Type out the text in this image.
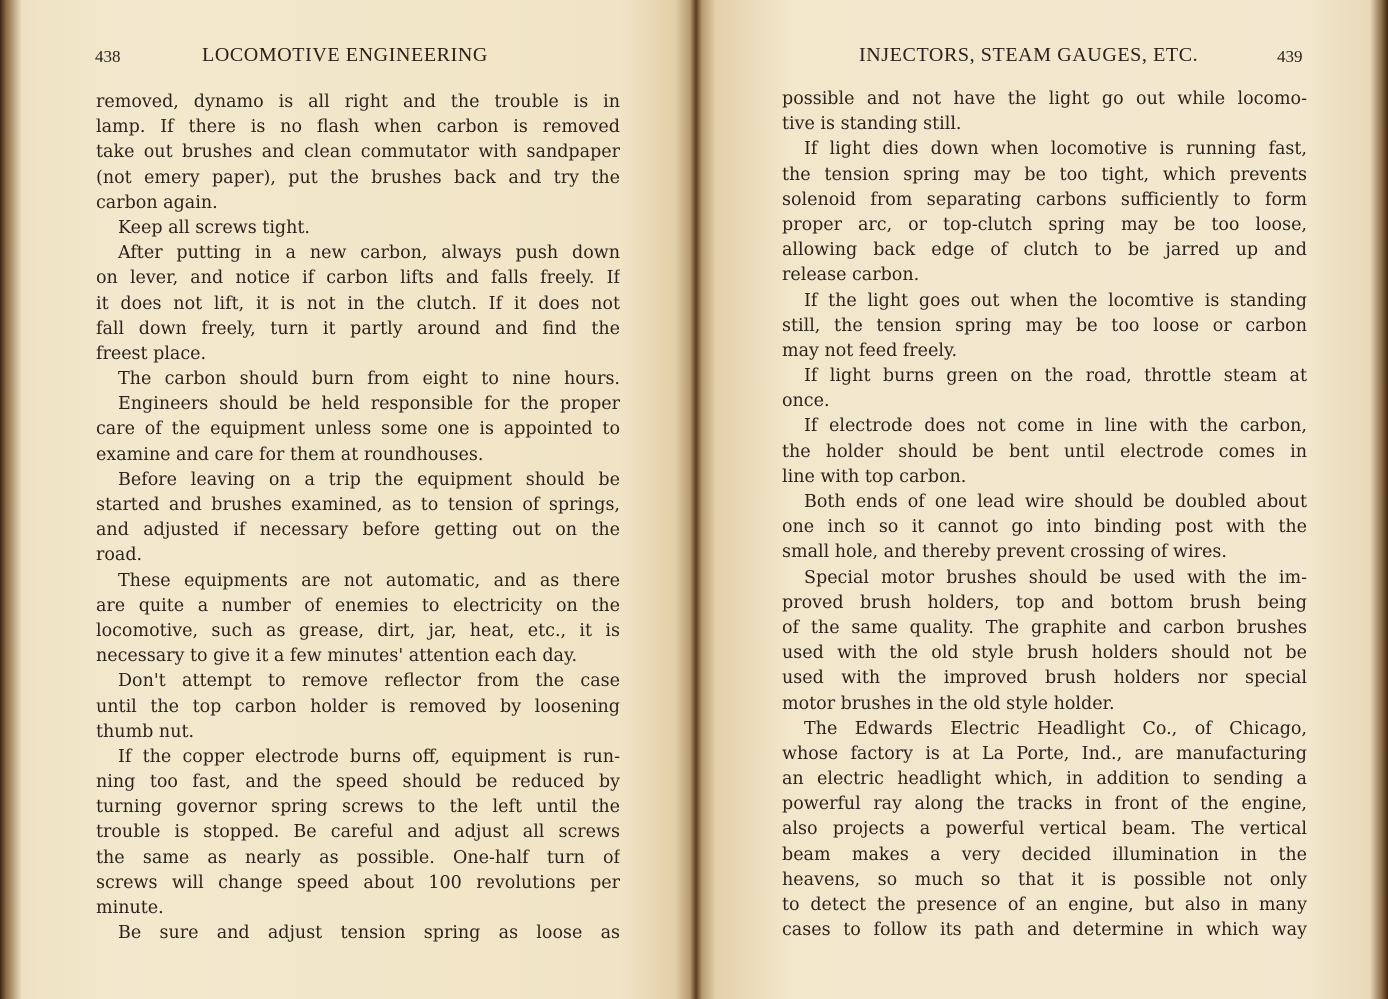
438	LOCOMOTIVE ENGINEERING
removed, dynamo is all right and the trouble is in
lamp. If there is no flash when carbon is removed
take out brushes and clean commutator with sandpaper
(not emery paper), put the brushes back and try the
carbon again.
Keep all screws tight.
After putting in a new carbon, always push down
on lever, and notice if carbon lifts and falls freely. If
it does not lift, it is not in the clutch. If it does not
fall down freely, turn it partly around and find the
freest place.
The carbon should burn from eight to nine hours.
Engineers should be held responsible for the proper
care of the equipment unless some one is appointed to
examine and care for them at roundhouses.
Before leaving on a trip the equipment should be
started and brushes examined, as to tension of springs,
and adjusted if necessary before getting out on the
road.
These equipments are not automatic, and as there
are quite a number of enemies to electricity on the
locomotive, such as grease, dirt, jar, heat, etc., it is
necessary to give it a few minutes' attention each day.
Don't attempt to remove reflector from the case
until the top carbon holder is removed by loosening
thumb nut.
If the copper electrode burns off, equipment is run-
ning too fast, and the speed should be reduced by
turning governor spring screws to the left until the
trouble is stopped. Be careful and adjust all screws
the same as nearly as possible. One-half turn of
screws will change speed about 100 revolutions per
minute.
Be sure and adjust tension spring as loose as
INJECTORS, STEAM GAUGES, ETC.	439
possible and not have the light go out while locomo-
tive is standing still.
If light dies down when locomotive is running fast,
the tension spring may be too tight, which prevents
solenoid from separating carbons sufficiently to form
proper arc, or top-clutch spring may be too loose,
allowing back edge of clutch to be jarred up and
release carbon.
If the light goes out when the locomtive is standing
still, the tension spring may be too loose or carbon
may not feed freely.
If light burns green on the road, throttle steam at
once.
If electrode does not come in line with the carbon,
the holder should be bent until electrode comes in
line with top carbon.
Both ends of one lead wire should be doubled about
one inch so it cannot go into binding post with the
small hole, and thereby prevent crossing of wires.
Special motor brushes should be used with the im-
proved brush holders, top and bottom brush being
of the same quality. The graphite and carbon brushes
used with the old style brush holders should not be
used with the improved brush holders nor special
motor brushes in the old style holder.
The Edwards Electric Headlight Co., of Chicago,
whose factory is at La Porte, Ind., are manufacturing
an electric headlight which, in addition to sending a
powerful ray along the tracks in front of the engine,
also projects a powerful vertical beam. The vertical
beam makes a very decided illumination in the
heavens, so much so that it is possible not only
to detect the presence of an engine, but also in many
cases to follow its path and determine in which way
